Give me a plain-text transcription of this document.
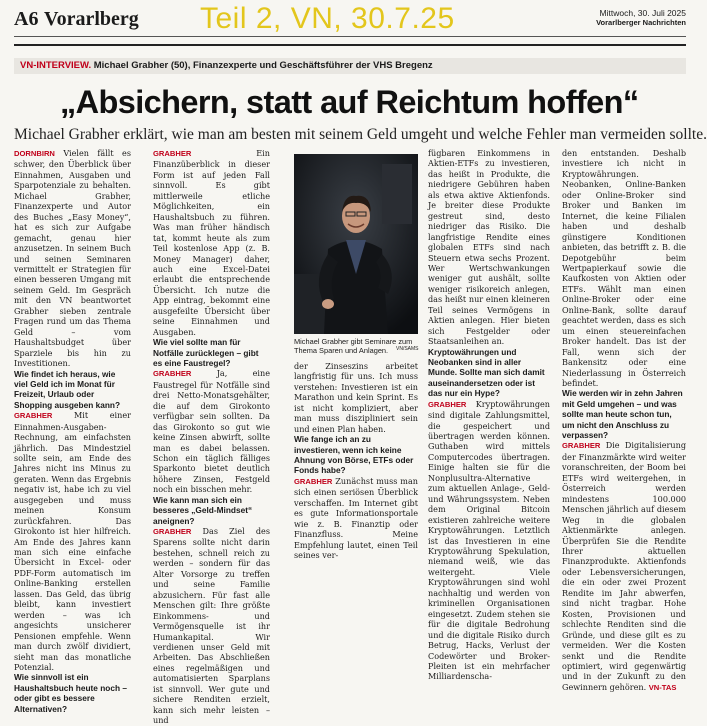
A6 Vorarlberg Teil 2, VN, 30.7.25	Mittwoch, 30. Juli 2025
Vorarlberger Nachrichten
VN-INTERVIEW. Michael Grabher (50), Finanzexperte und Geschäftsführer der VHS Bregenz
„Absichern, statt auf Reichtum hoffen“
Michael Grabher erklärt, wie man am besten mit seinem Geld umgeht und welche Fehler man vermeiden sollte.

DORNBIRN Vielen fällt es schwer, den Überblick über Einnahmen, Ausgaben und Sparpotenziale zu behalten. Michael Grabher, Finanzexperte und Autor des Buches „Easy Money“, hat es sich zur Aufgabe gemacht, genau hier anzusetzen. In seinem Buch und seinen Seminaren vermittelt er Strategien für einen besseren Umgang mit seinem Geld. Im Gespräch mit den VN beantwortet Grabher sieben zentrale Fragen rund um das Thema Geld – vom Haushaltsbudget über Sparziele bis hin zu Investitionen.

Wie findet ich heraus, wie viel Geld ich im Monat für Freizeit, Urlaub oder Shopping ausgeben kann?

GRABHER Mit einer Einnahmen-Ausgaben-Rechnung, am einfachsten jährlich. Das Mindestziel sollte sein, am Ende des Jahres nicht ins Minus zu geraten. Wenn das Ergebnis negativ ist, habe ich zu viel ausgegeben und muss meinen Konsum zurückfahren. Das Girokonto ist hier hilfreich. Am Ende des Jahres kann man sich eine einfache Übersicht in Excel- oder PDF-Form automatisch im Online-Banking erstellen lassen. Das Geld, das übrig bleibt, kann investiert werden – was ich angesichts unsicherer Pensionen empfehle. Wenn man durch zwölf dividiert, sieht man das monatliche Potenzial.

Wie sinnvoll ist ein Haushaltsbuch heute noch – oder gibt es bessere Alternativen?

GRABHER Ein Finanzüberblick in dieser Form ist auf jeden Fall sinnvoll. Es gibt mittlerweile etliche Möglichkeiten, ein Haushaltsbuch zu führen. Was man früher händisch tat, kommt heute als zum Teil kostenlose App (z. B. Money Manager) daher, auch eine Excel-Datei erlaubt die entsprechende Übersicht. Ich nutze die App eintrag, bekommt eine ausgefeilte Übersicht über seine Einnahmen und Ausgaben.

Wie viel sollte man für Notfälle zurücklegen – gibt es eine Faustregel?

GRABHER Ja, eine Faustregel für Notfälle sind drei Netto-Monatsgehälter, die auf dem Girokonto verfügbar sein sollten. Da das Girokonto so gut wie keine Zinsen abwirft, sollte man es dabei belassen. Schon ein täglich fälliges Sparkonto bietet deutlich höhere Zinsen, Festgeld noch ein bisschen mehr.

Wie kann man sich ein besseres „Geld-Mindset“ aneignen?

GRABHER Das Ziel des Sparens sollte nicht darin bestehen, schnell reich zu werden – sondern für das Alter Vorsorge zu treffen und seine Familie abzusichern. Für fast alle Menschen gilt: Ihre größte Einkommens- und Vermögensquelle ist ihr Humankapital. Wir verdienen unser Geld mit Arbeiten. Das Abschließen eines regelmäßigen und automatisierten Sparplans ist sinnvoll. Wer gute und sichere Renditen erzielt, kann sich mehr leisten – und

Michael Grabher gibt Seminare zum Thema Sparen und Anlagen.	VN/SAMS

der Zinseszins arbeitet langfristig für uns. Ich muss verstehen: Investieren ist ein Marathon und kein Sprint. Es ist nicht kompliziert, aber man muss diszipliniert sein und einen Plan haben.

Wie fange ich an zu investieren, wenn ich keine Ahnung von Börse, ETFs oder Fonds habe?

GRABHER Zunächst muss man sich einen seriösen Überblick verschaffen. Im Internet gibt es gute Informationsportale wie z. B. Finanztip oder Finanzfluss. Meine Empfehlung lautet, einen Teil seines ver-

fügbaren Einkommens in Aktien-ETFs zu investieren, das heißt in Produkte, die niedrigere Gebühren haben als etwa aktive Aktienfonds. Je breiter diese Produkte gestreut sind, desto niedriger das Risiko. Die langfristige Rendite eines globalen ETFs sind nach Steuern etwa sechs Prozent. Wer Wertschwankungen weniger gut aushält, sollte weniger risikoreich anlegen, das heißt nur einen kleineren Teil seines Vermögens in Aktien anlegen. Hier bieten sich Festgelder oder Staatsanleihen an.

Kryptowährungen und Neobanken sind in aller Munde. Sollte man sich damit auseinandersetzen oder ist das nur ein Hype?

GRABHER Kryptowährungen sind digitale Zahlungsmittel, die gespeichert und übertragen werden können. Guthaben wird mittels Computercodes übertragen. Einige halten sie für die Nonplusultra-Alternative zum aktuellen Anlage-, Geld- und Währungssystem. Neben dem Original Bitcoin existieren zahlreiche weitere Kryptowährungen. Letztlich ist das Investieren in eine Kryptowährung Spekulation, niemand weiß, wie das weitergeht. Viele Kryptowährungen sind wohl nachhaltig und werden von kriminellen Organisationen eingesetzt. Zudem stehen sie für die digitale Bedrohung und die digitale Risiko durch Betrug, Hacks, Verlust der Codewörter und Broker-Pleiten ist ein mehrfacher Milliardenscha-

den entstanden. Deshalb investiere ich nicht in Kryptowährungen. Neobanken, Online-Banken oder Online-Broker sind Broker und Banken im Internet, die keine Filialen haben und deshalb günstigere Konditionen anbieten, das betrifft z. B. die Depotgebühr beim Wertpapierkauf sowie die Kaufkosten von Aktien oder ETFs. Wählt man einen Online-Broker oder eine Online-Bank, sollte darauf geachtet werden, dass es sich um einen steuereinfachen Broker handelt. Das ist der Fall, wenn sich der Bankensitz oder eine Niederlassung in Österreich befindet.

Wie werden wir in zehn Jahren mit Geld umgehen – und was sollte man heute schon tun, um nicht den Anschluss zu verpassen?

GRABHER Die Digitalisierung der Finanzmärkte wird weiter voranschreiten, der Boom bei ETFs wird weitergehen, in Österreich werden mindestens 100.000 Menschen jährlich auf diesem Weg in die globalen Aktienmärkte anlegen. Überprüfen Sie die Rendite Ihrer aktuellen Finanzprodukte. Aktienfonds oder Lebensversicherungen, die ein oder zwei Prozent Rendite im Jahr abwerfen, sind nicht tragbar. Hohe Kosten, Provisionen und schlechte Renditen sind die Gründe, und diese gilt es zu vermeiden. Wer die Kosten senkt und die Rendite optimiert, wird gegenwärtig und in der Zukunft zu den Gewinnern gehören. VN-TAS
